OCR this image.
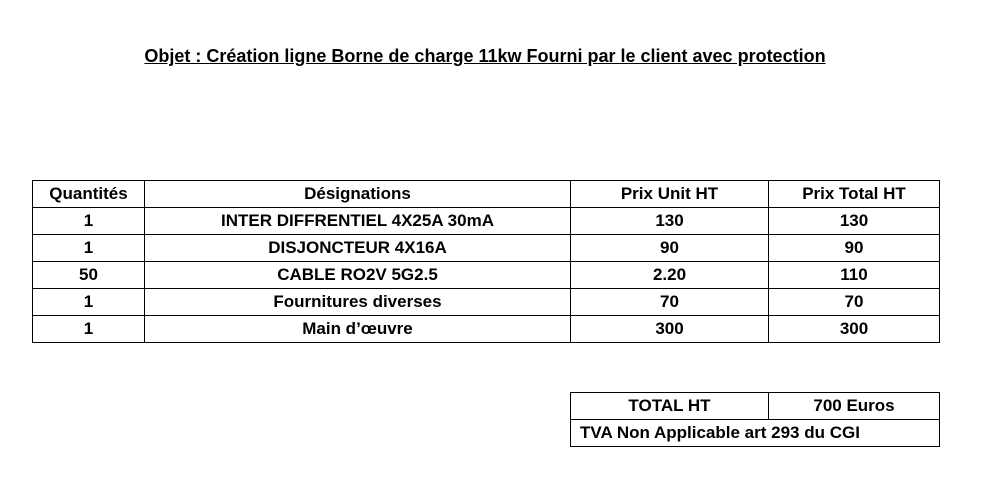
Objet : Création ligne Borne de charge 11kw Fourni par le client avec protection
Quantités	Désignations	Prix Unit HT	Prix Total HT
1	INTER DIFFRENTIEL 4X25A 30mA	130	130
1	DISJONCTEUR 4X16A	90	90
50	CABLE RO2V 5G2.5	2.20	110
1	Fournitures diverses	70	70
1	Main d’œuvre	300	300
TOTAL HT	700 Euros
TVA Non Applicable art 293 du CGI
